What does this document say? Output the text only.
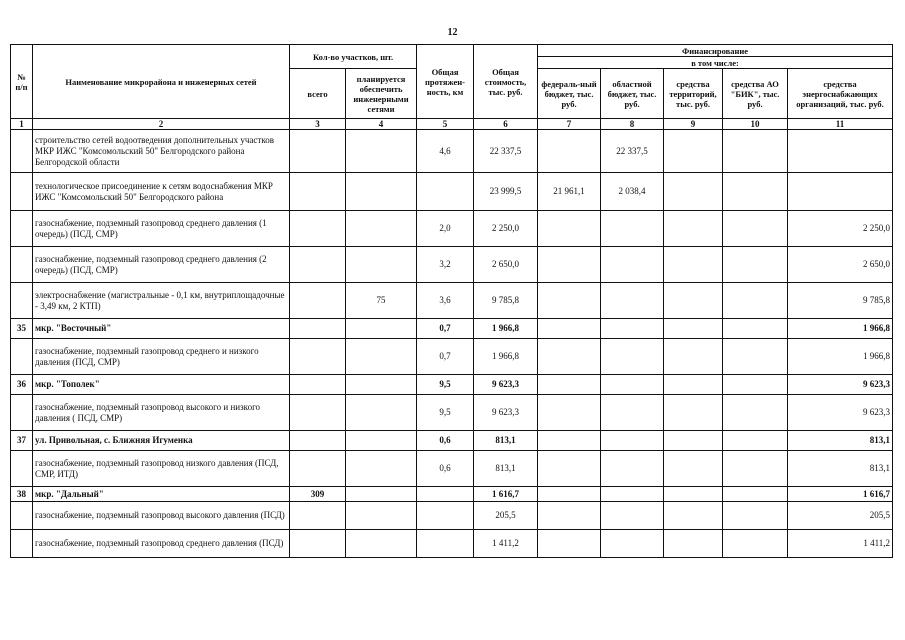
12
№ п/п	Наименование микрорайона и инженерных сетей	Кол-во участков, шт.		Общая протяжен-ность, км	Общая стоимость, тыс. руб.	Финансирование				
						в том числе:				
		всего	планируется обеспечить инженерными сетями			федераль-ный бюджет, тыс. руб.	областной бюджет, тыс. руб.	средства территорий, тыс. руб.	средства АО "БИК", тыс. руб.	средства энергоснабжающих организаций, тыс. руб.
1	2	3	4	5	6	7	8	9	10	11
	строительство сетей водоотведения дополнительных участков МКР ИЖС "Комсомольский 50" Белгородского района Белгородской области			4,6	22 337,5		22 337,5			
	технологическое присоединение к сетям водоснабжения МКР ИЖС "Комсомольский 50" Белгородского района				23 999,5	21 961,1	2 038,4			
	газоснабжение, подземный газопровод среднего давления (1 очередь) (ПСД, СМР)			2,0	2 250,0					2 250,0
	газоснабжение, подземный газопровод среднего давления (2 очередь) (ПСД, СМР)			3,2	2 650,0					2 650,0
	электроснабжение (магистральные - 0,1 км, внутриплощадочные - 3,49 км, 2 КТП)		75	3,6	9 785,8					9 785,8
35	мкр. "Восточный"			0,7	1 966,8					1 966,8
	газоснабжение, подземный газопровод среднего и низкого давления (ПСД, СМР)			0,7	1 966,8					1 966,8
36	мкр. "Тополек"			9,5	9 623,3					9 623,3
	газоснабжение, подземный газопровод высокого и низкого давления ( ПСД, СМР)			9,5	9 623,3					9 623,3
37	ул. Привольная, с. Ближняя Игуменка			0,6	813,1					813,1
	газоснабжение, подземный газопровод низкого давления (ПСД, СМР, ИТД)			0,6	813,1					813,1
38	мкр. "Дальный"	309			1 616,7					1 616,7
	газоснабжение, подземный газопровод высокого давления (ПСД)				205,5					205,5
	газоснабжение, подземный газопровод среднего давления (ПСД)				1 411,2					1 411,2
